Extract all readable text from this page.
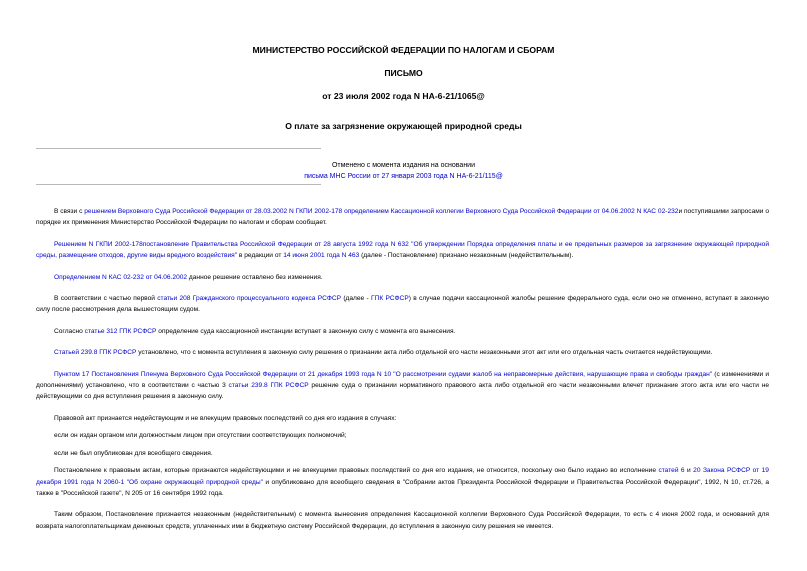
МИНИСТЕРСТВО РОССИЙСКОЙ ФЕДЕРАЦИИ ПО НАЛОГАМ И СБОРАМ
ПИСЬМО
от 23 июля 2002 года N НА-6-21/1065@
О плате за загрязнение окружающей природной среды
Отменено с момента издания на основании
письма МНС России от 27 января 2003 года N НА-6-21/115@

В связи с решением Верховного Суда Российской Федерации от 28.03.2002 N ГКПИ 2002-178 определением Кассационной коллегии Верховного Суда Российской Федерации от 04.06.2002 N КАС 02-232и поступившими запросами о порядке их применения Министерство Российской Федерации по налогам и сборам сообщает.

Решением N ГКПИ 2002-178постановление Правительства Российской Федерации от 28 августа 1992 года N 632 "Об утверждении Порядка определения платы и ее предельных размеров за загрязнение окружающей природной среды, размещение отходов, другие виды вредного воздействия" в редакции от 14 июня 2001 года N 463 (далее - Постановление) признано незаконным (недействительным).

Определением N КАС 02-232 от 04.06.2002 данное решение оставлено без изменения.

В соответствии с частью первой статьи 208 Гражданского процессуального кодекса РСФСР (далее - ГПК РСФСР) в случае подачи кассационной жалобы решение федерального суда, если оно не отменено, вступает в законную силу после рассмотрения дела вышестоящим судом.

Согласно статье 312 ГПК РСФСР определение суда кассационной инстанции вступает в законную силу с момента его вынесения.

Статьей 239.8 ГПК РСФСР установлено, что с момента вступления в законную силу решения о признании акта либо отдельной его части незаконными этот акт или его отдельная часть считается недействующими.

Пунктом 17 Постановления Пленума Верховного Суда Российской Федерации от 21 декабря 1993 года N 10 "О рассмотрении судами жалоб на неправомерные действия, нарушающие права и свободы граждан" (с изменениями и дополнениями) установлено, что в соответствии с частью 3 статьи 239.8 ГПК РСФСР решение суда о признании нормативного правового акта либо отдельной его части незаконными влечет признание этого акта или его части не действующими со дня вступления решения в законную силу.

Правовой акт признается недействующим и не влекущим правовых последствий со дня его издания в случаях:

если он издан органом или должностным лицом при отсутствии соответствующих полномочий;

если не был опубликован для всеобщего сведения.

Постановление к правовым актам, которые признаются недействующими и не влекущими правовых последствий со дня его издания, не относится, поскольку оно было издано во исполнение статей 6 и 20 Закона РСФСР от 19 декабря 1991 года N 2060-1 "Об охране окружающей природной среды" и опубликовано для всеобщего сведения в "Собрании актов Президента Российской Федерации и Правительства Российской Федерации", 1992, N 10, ст.726, а также в "Российской газете", N 205 от 16 сентября 1992 года.

Таким образом, Постановление признается незаконным (недействительным) с момента вынесения определения Кассационной коллегии Верховного Суда Российской Федерации, то есть с 4 июня 2002 года, и оснований для возврата налогоплательщикам денежных средств, уплаченных ими в бюджетную систему Российской Федерации, до вступления в законную силу решения не имеется.
